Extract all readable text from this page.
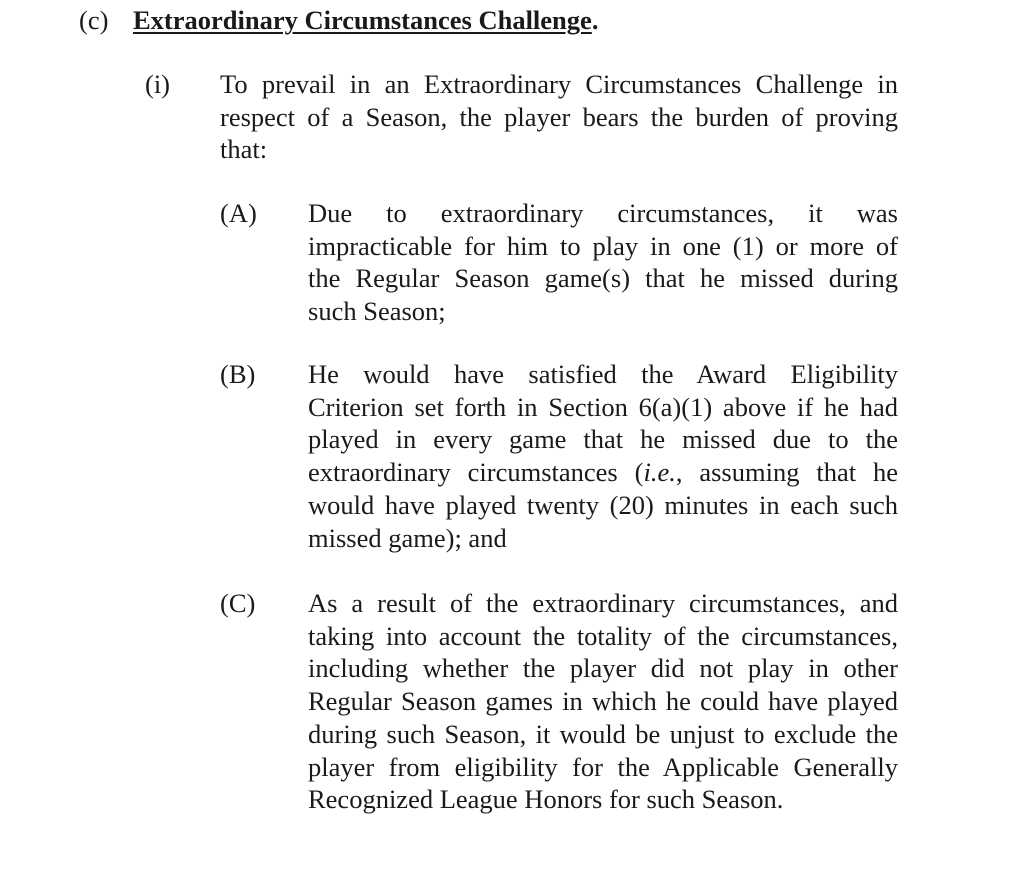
(c) Extraordinary Circumstances Challenge.
(i) To prevail in an Extraordinary Circumstances Challenge in
respect of a Season, the player bears the burden of proving
that:
(A) Due to extraordinary circumstances, it was
impracticable for him to play in one (1) or more of
the Regular Season game(s) that he missed during
such Season;
(B) He would have satisfied the Award Eligibility
Criterion set forth in Section 6(a)(1) above if he had
played in every game that he missed due to the
extraordinary circumstances (i.e., assuming that he
would have played twenty (20) minutes in each such
missed game); and
(C) As a result of the extraordinary circumstances, and
taking into account the totality of the circumstances,
including whether the player did not play in other
Regular Season games in which he could have played
during such Season, it would be unjust to exclude the
player from eligibility for the Applicable Generally
Recognized League Honors for such Season.
